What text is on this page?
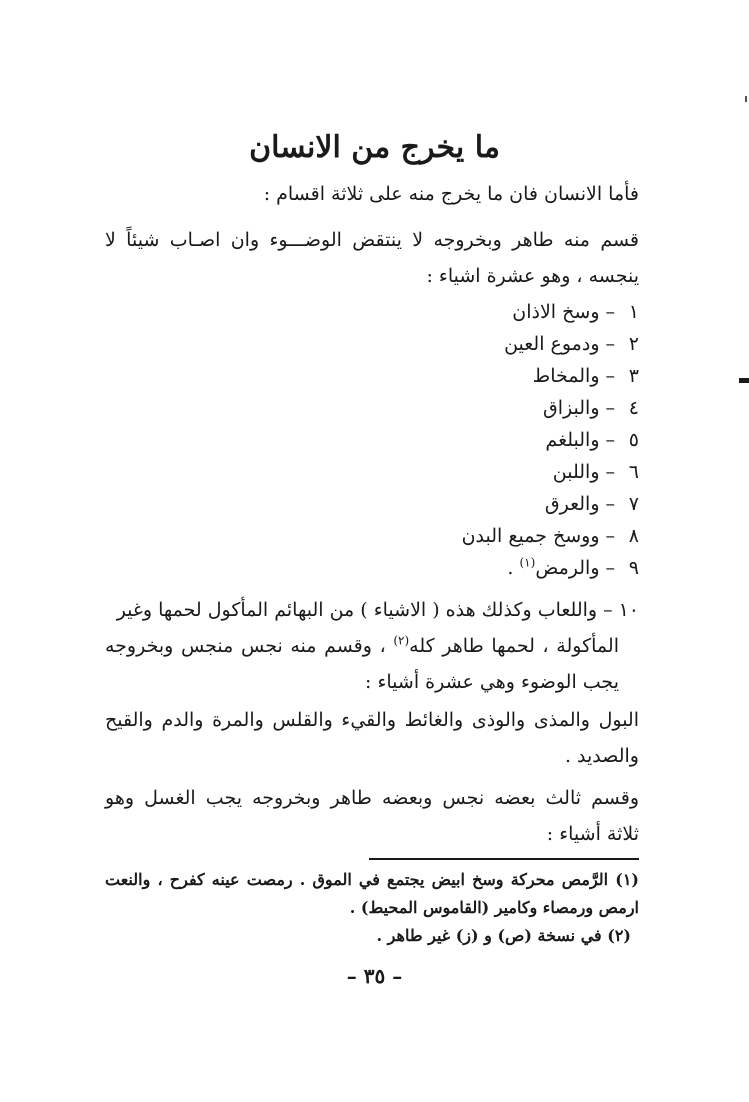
ما يخرج من الانسان

فأما الانسان فان ما يخرج منه على ثلاثة اقسام :

قسم منه طاهر وبخروجه لا ينتقض الوضـــوء وان اصـاب شيئاً لا ينجسه ، وهو عشرة اشياء :

١–وسخ الاذان
٢–ودموع العين
٣–والمخاط
٤–والبزاق
٥–والبلغم
٦–واللبن
٧–والعرق
٨–ووسخ جميع البدن
٩–والرمض$^{(١)}$ .

١٠–واللعاب وكذلك هذه ( الاشياء ) من البهائم المأكول لحمها وغير
المأكولة ، لحمها طاهر كله$^{(٢)}$ ، وقسم منه نجس منجس وبخروجه يجب الوضوء وهي عشرة أشياء :

البول والمذى والوذى والغائط والقيء والقلس والمرة والدم والقيح والصديد .

وقسم ثالث بعضه نجس وبعضه طاهر وبخروجه يجب الغسل وهو ثلاثة أشياء :

(١) الرَّمص محركة وسخ ابيض يجتمع في الموق . رمصت عينه كفرح ، والنعت ارمص ورمصاء وكامير (القاموس المحيط) .

(٢) في نسخة (ص) و (ز) غير طاهر .

– ٣٥ –
